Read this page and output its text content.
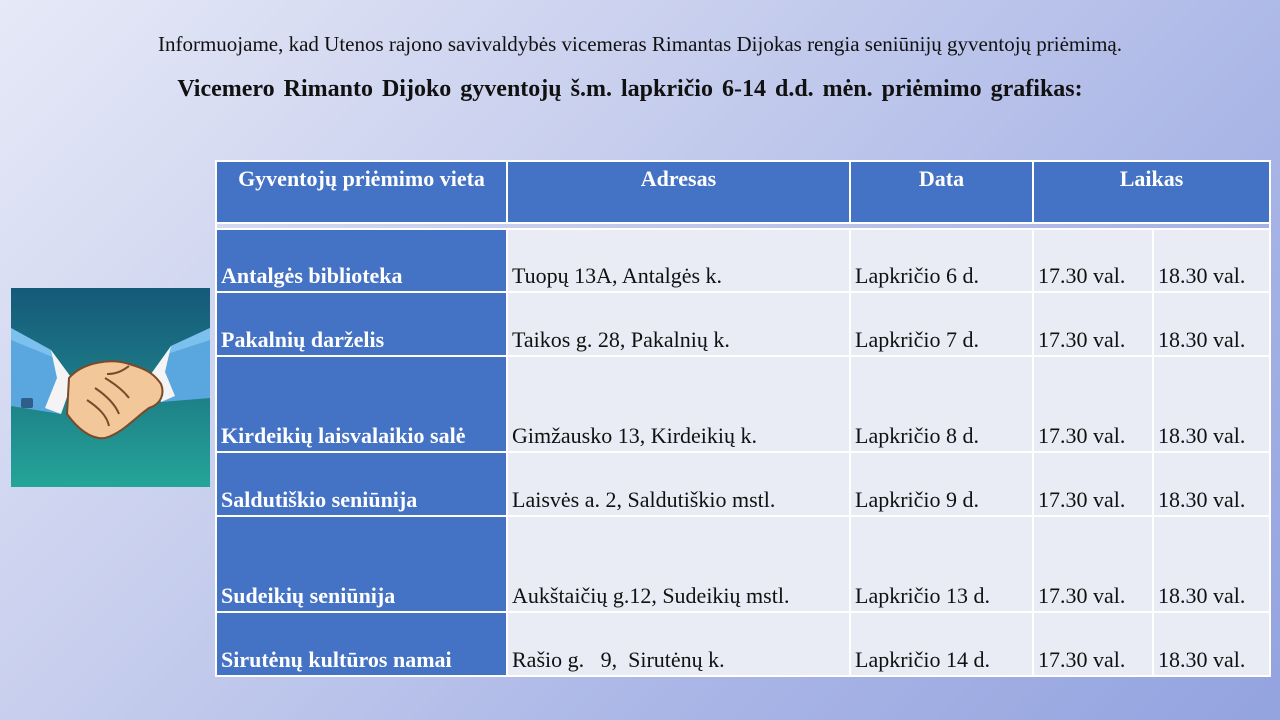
Informuojame, kad Utenos rajono savivaldybės vicemeras Rimantas Dijokas rengia seniūnijų gyventojų priėmimą.
Vicemero Rimanto Dijoko gyventojų š.m. lapkričio 6-14 d.d. mėn. priėmimo grafikas:
Gyventojų priėmimo vieta	Adresas	Data	Laikas	

Antalgės biblioteka	Tuopų 13A, Antalgės k.	Lapkričio 6 d.	17.30 val.	18.30 val.
Pakalnių darželis	Taikos g. 28, Pakalnių k.	Lapkričio 7 d.	17.30 val.	18.30 val.
Kirdeikių laisvalaikio salė	Gimžausko 13, Kirdeikių k.	Lapkričio 8 d.	17.30 val.	18.30 val.
Saldutiškio seniūnija	Laisvės a. 2, Saldutiškio mstl.	Lapkričio 9 d.	17.30 val.	18.30 val.
Sudeikių seniūnija	Aukštaičių g.12, Sudeikių mstl.	Lapkričio 13 d.	17.30 val.	18.30 val.
Sirutėnų kultūros namai	Rašio g.   9,  Sirutėnų k.	Lapkričio 14 d.	17.30 val.	18.30 val.
